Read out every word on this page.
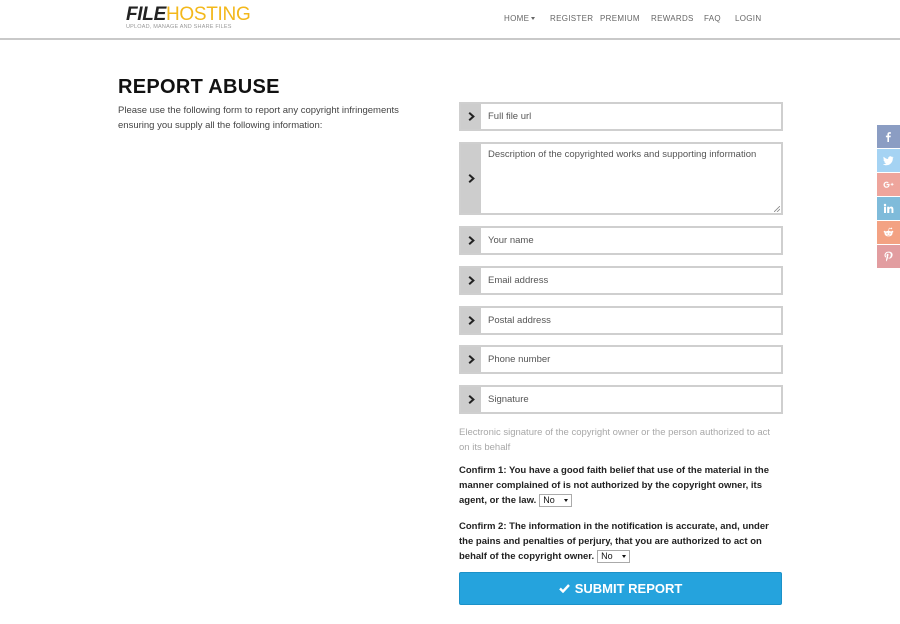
FILEHOSTING
UPLOAD, MANAGE AND SHARE FILES
HOME	REGISTER PREMIUM REWARDS FAQ LOGIN
REPORT ABUSE

Please use the following form to report any copyright infringements ensuring you supply all the following information:

Full file url
Description of the copyrighted works and supporting information
Your name
Email address
Postal address
Phone number
Signature

Electronic signature of the copyright owner or the person authorized to act on its behalf

Confirm 1: You have a good faith belief that use of the material in the manner complained of is not authorized by the copyright owner, its agent, or the law. No
Confirm 2: The information in the notification is accurate, and, under the pains and penalties of perjury, that you are authorized to act on behalf of the copyright owner. No
SUBMIT REPORT
